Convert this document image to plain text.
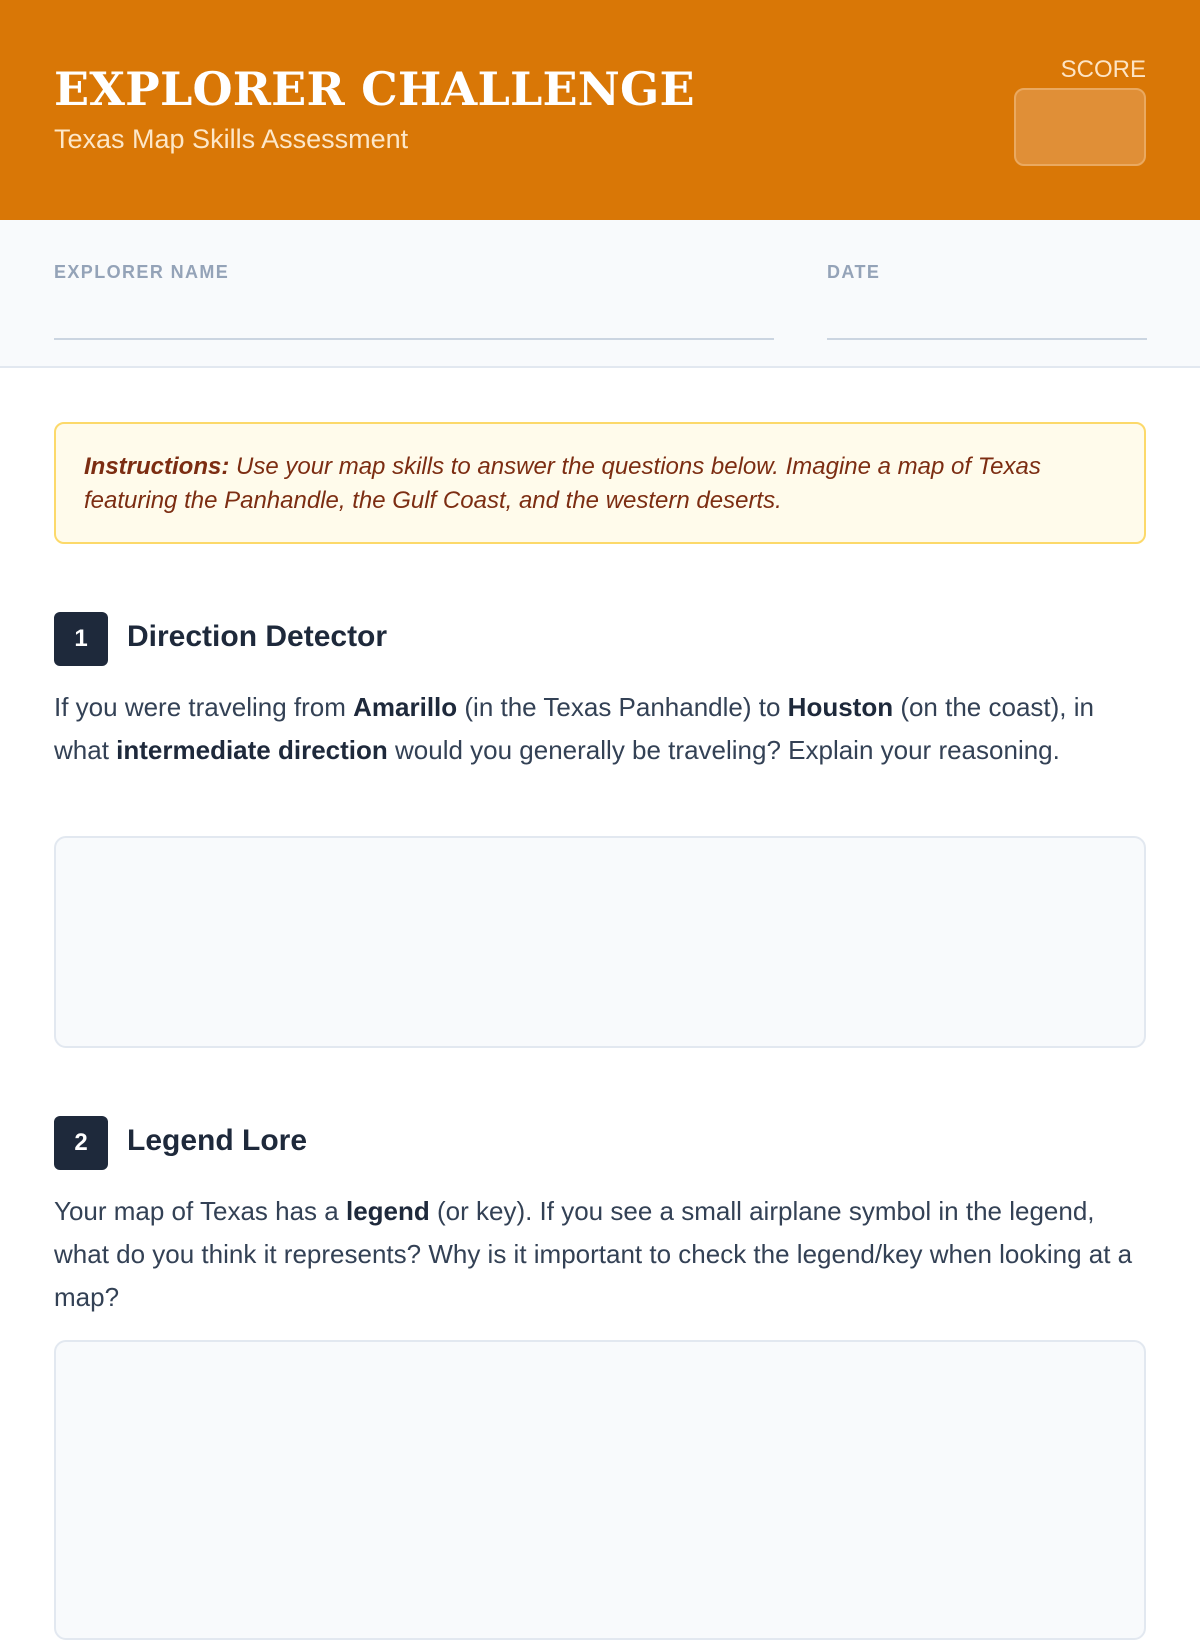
EXPLORER CHALLENGE
Texas Map Skills Assessment
SCORE
EXPLORER NAME	DATE
Instructions: Use your map skills to answer the questions below. Imagine a map of Texas featuring the Panhandle, the Gulf Coast, and the western deserts.
1	Direction Detector
If you were traveling from Amarillo (in the Texas Panhandle) to Houston (on the coast), in what intermediate direction would you generally be traveling? Explain your reasoning.
2	Legend Lore
Your map of Texas has a legend (or key). If you see a small airplane symbol in the legend, what do you think it represents? Why is it important to check the legend/key when looking at a map?
